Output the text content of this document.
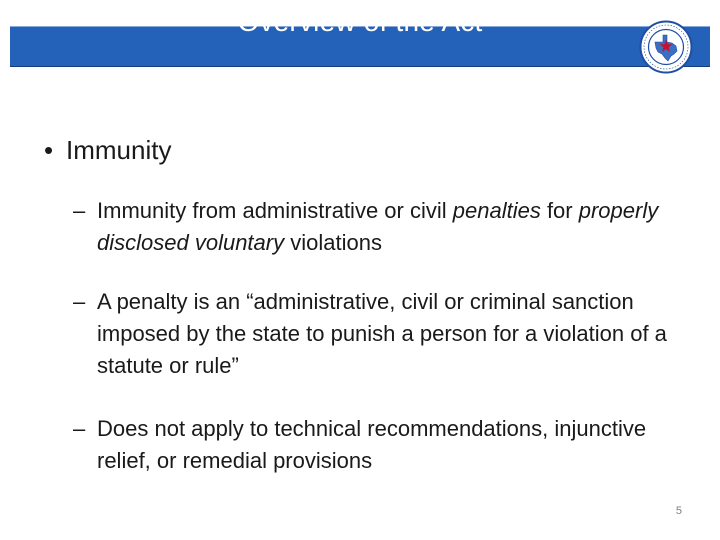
Overview of the Act
• Immunity
– Immunity from administrative or civil penalties for properly disclosed voluntary violations
– A penalty is an “administrative, civil or criminal sanction imposed by the state to punish a person for a violation of a statute or rule”
– Does not apply to technical recommendations, injunctive relief, or remedial provisions
5
